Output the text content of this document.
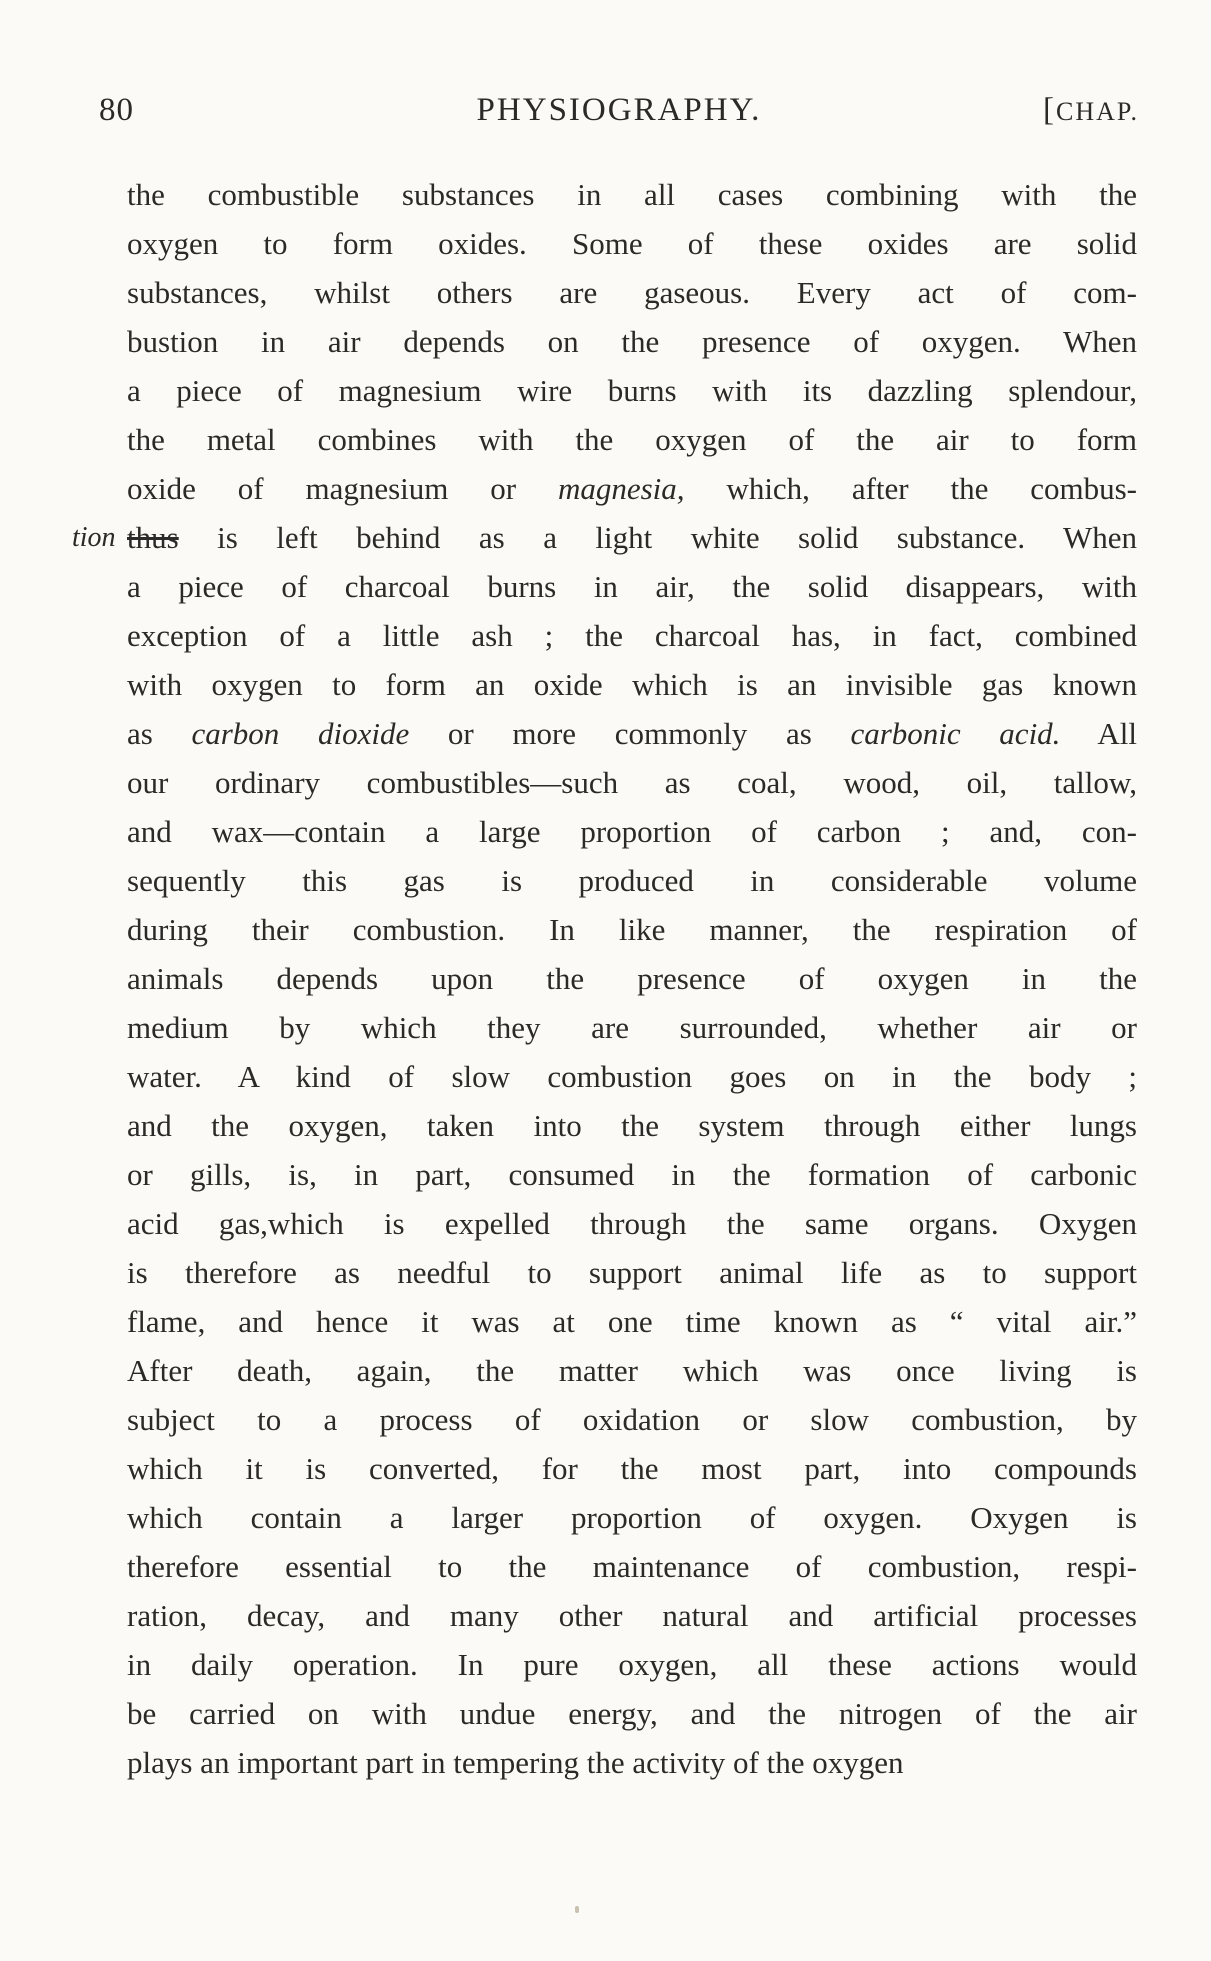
80	PHYSIOGRAPHY.	[CHAP.
the combustible substances in all cases combining with the
oxygen to form oxides. Some of these oxides are solid
substances, whilst others are gaseous. Every act of com-
bustion in air depends on the presence of oxygen. When
a piece of magnesium wire burns with its dazzling splendour,
the metal combines with the oxygen of the air to form
oxide of magnesium or magnesia, which, after the combus-
tion thus is left behind as a light white solid substance. When
a piece of charcoal burns in air, the solid disappears, with
exception of a little ash ; the charcoal has, in fact, combined
with oxygen to form an oxide which is an invisible gas known
as carbon dioxide or more commonly as carbonic acid. All
our ordinary combustibles—such as coal, wood, oil, tallow,
and wax—contain a large proportion of carbon ; and, con-
sequently this gas is produced in considerable volume
during their combustion. In like manner, the respiration of
animals depends upon the presence of oxygen in the
medium by which they are surrounded, whether air or
water. A kind of slow combustion goes on in the body ;
and the oxygen, taken into the system through either lungs
or gills, is, in part, consumed in the formation of carbonic
acid gas,which is expelled through the same organs. Oxygen
is therefore as needful to support animal life as to support
flame, and hence it was at one time known as “ vital air.”
After death, again, the matter which was once living is
subject to a process of oxidation or slow combustion, by
which it is converted, for the most part, into compounds
which contain a larger proportion of oxygen. Oxygen is
therefore essential to the maintenance of combustion, respi-
ration, decay, and many other natural and artificial processes
in daily operation. In pure oxygen, all these actions would
be carried on with undue energy, and the nitrogen of the air
plays an important part in tempering the activity of the oxygen
